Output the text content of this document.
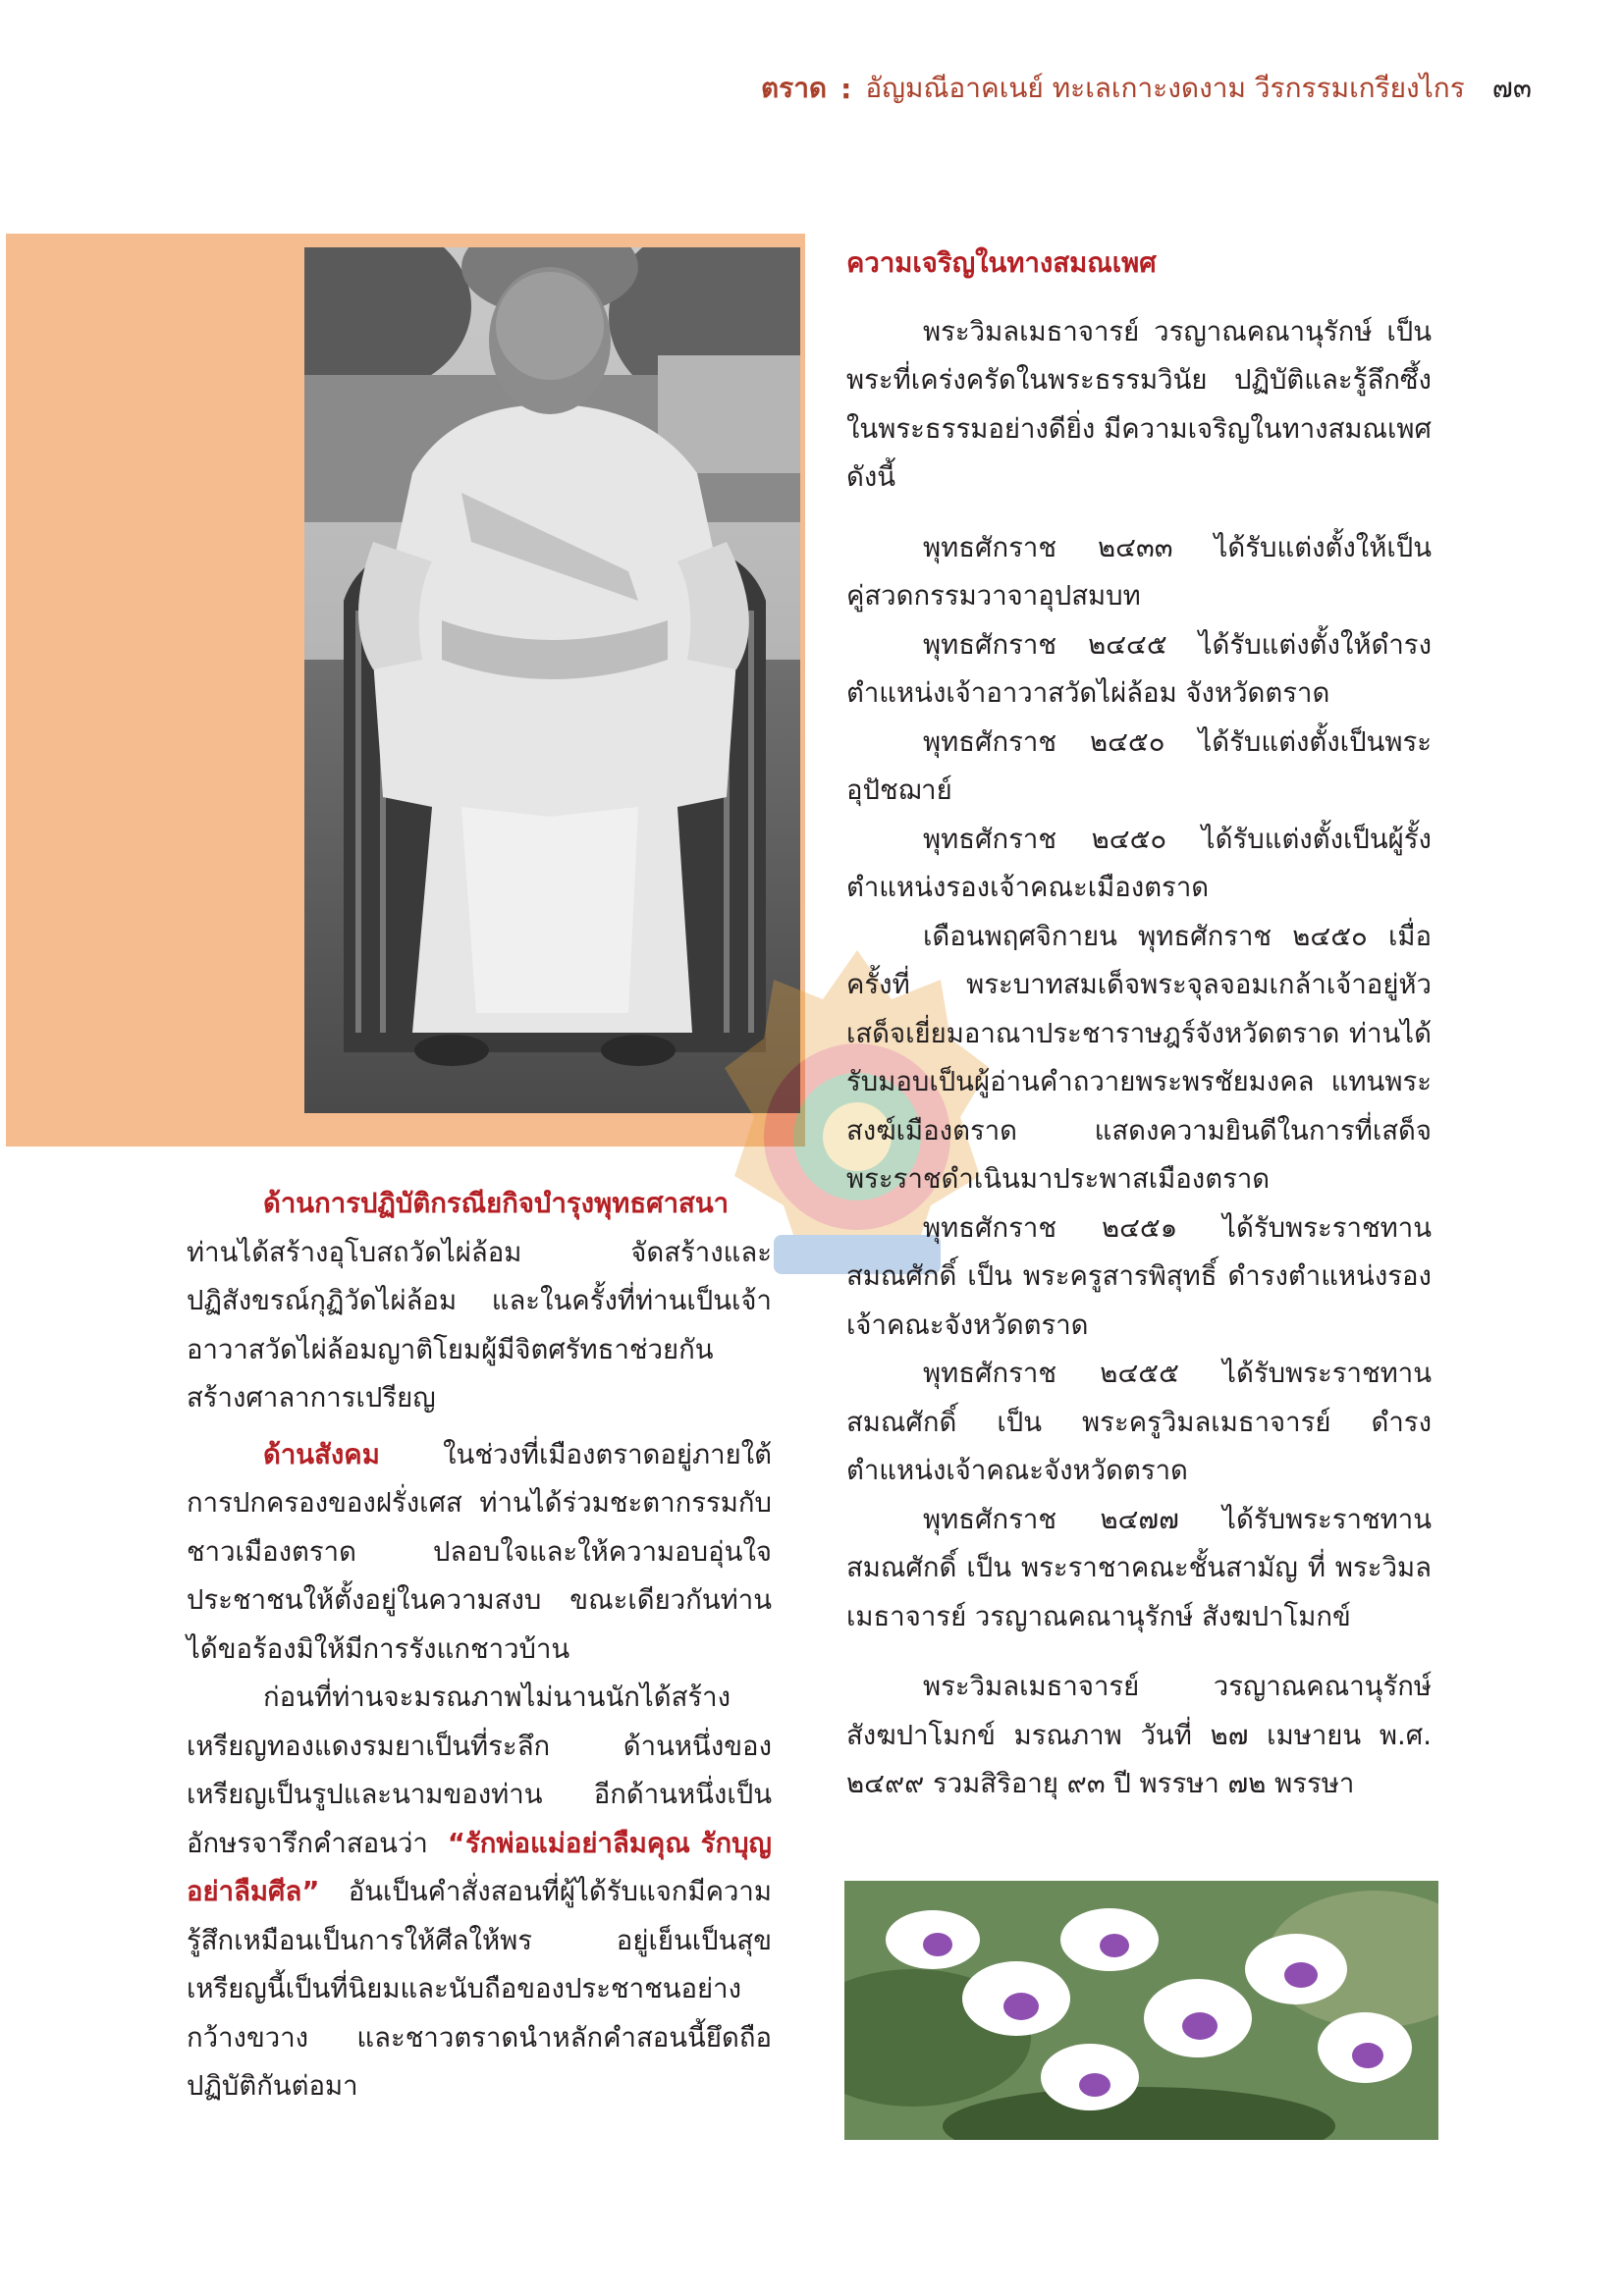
ตราด : อัญมณีอาคเนย์ ทะเลเกาะงดงาม วีรกรรมเกรียงไกร ๗๓

ความเจริญในทางสมณเพศ

พระวิมลเมธาจารย์ วรญาณคณานุรักษ์ เป็นพระที่เคร่งครัดในพระธรรมวินัย ปฏิบัติและรู้ลึกซึ้งในพระธรรมอย่างดียิ่ง มีความเจริญในทางสมณเพศ ดังนี้

พุทธศักราช ๒๔๓๓ ได้รับแต่งตั้งให้เป็นคู่สวดกรรมวาจาอุปสมบท

พุทธศักราช ๒๔๔๕ ได้รับแต่งตั้งให้ดำรงตำแหน่งเจ้าอาวาสวัดไผ่ล้อม จังหวัดตราด

พุทธศักราช ๒๔๕๐ ได้รับแต่งตั้งเป็นพระอุปัชฌาย์

พุทธศักราช ๒๔๕๐ ได้รับแต่งตั้งเป็นผู้รั้งตำแหน่งรองเจ้าคณะเมืองตราด

เดือนพฤศจิกายน พุทธศักราช ๒๔๕๐ เมื่อครั้งที่ พระบาทสมเด็จพระจุลจอมเกล้าเจ้าอยู่หัวเสด็จเยี่ยมอาณาประชาราษฎร์จังหวัดตราด ท่านได้รับมอบเป็นผู้อ่านคำถวายพระพรชัยมงคล แทนพระสงฆ์เมืองตราด แสดงความยินดีในการที่เสด็จพระราชดำเนินมาประพาสเมืองตราด

พุทธศักราช ๒๔๕๑ ได้รับพระราชทานสมณศักดิ์ เป็น พระครูสารพิสุทธิ์ ดำรงตำแหน่งรองเจ้าคณะจังหวัดตราด

พุทธศักราช ๒๔๕๕ ได้รับพระราชทานสมณศักดิ์ เป็น พระครูวิมลเมธาจารย์ ดำรงตำแหน่งเจ้าคณะจังหวัดตราด

พุทธศักราช ๒๔๗๗ ได้รับพระราชทานสมณศักดิ์ เป็น พระราชาคณะชั้นสามัญ ที่ พระวิมลเมธาจารย์ วรญาณคณานุรักษ์ สังฆปาโมกข์

พระวิมลเมธาจารย์ วรญาณคณานุรักษ์ สังฆปาโมกข์ มรณภาพ วันที่ ๒๗ เมษายน พ.ศ. ๒๔๙๙ รวมสิริอายุ ๙๓ ปี พรรษา ๗๒ พรรษา

ด้านการปฏิบัติกรณียกิจบำรุงพุทธศาสนา ท่านได้สร้างอุโบสถวัดไผ่ล้อม จัดสร้างและปฏิสังขรณ์กุฏิวัดไผ่ล้อม และในครั้งที่ท่านเป็นเจ้าอาวาสวัดไผ่ล้อมญาติโยมผู้มีจิตศรัทธาช่วยกันสร้างศาลาการเปรียญ

ด้านสังคม ในช่วงที่เมืองตราดอยู่ภายใต้การปกครองของฝรั่งเศส ท่านได้ร่วมชะตากรรมกับชาวเมืองตราด ปลอบใจและให้ความอบอุ่นใจประชาชนให้ตั้งอยู่ในความสงบ ขณะเดียวกันท่านได้ขอร้องมิให้มีการรังแกชาวบ้าน

ก่อนที่ท่านจะมรณภาพไม่นานนักได้สร้างเหรียญทองแดงรมยาเป็นที่ระลึก ด้านหนึ่งของเหรียญเป็นรูปและนามของท่าน อีกด้านหนึ่งเป็นอักษรจารึกคำสอนว่า “รักพ่อแม่อย่าลืมคุณ รักบุญอย่าลืมศีล” อันเป็นคำสั่งสอนที่ผู้ได้รับแจกมีความรู้สึกเหมือนเป็นการให้ศีลให้พร อยู่เย็นเป็นสุข เหรียญนี้เป็นที่นิยมและนับถือของประชาชนอย่างกว้างขวาง และชาวตราดนำหลักคำสอนนี้ยึดถือปฏิบัติกันต่อมา
